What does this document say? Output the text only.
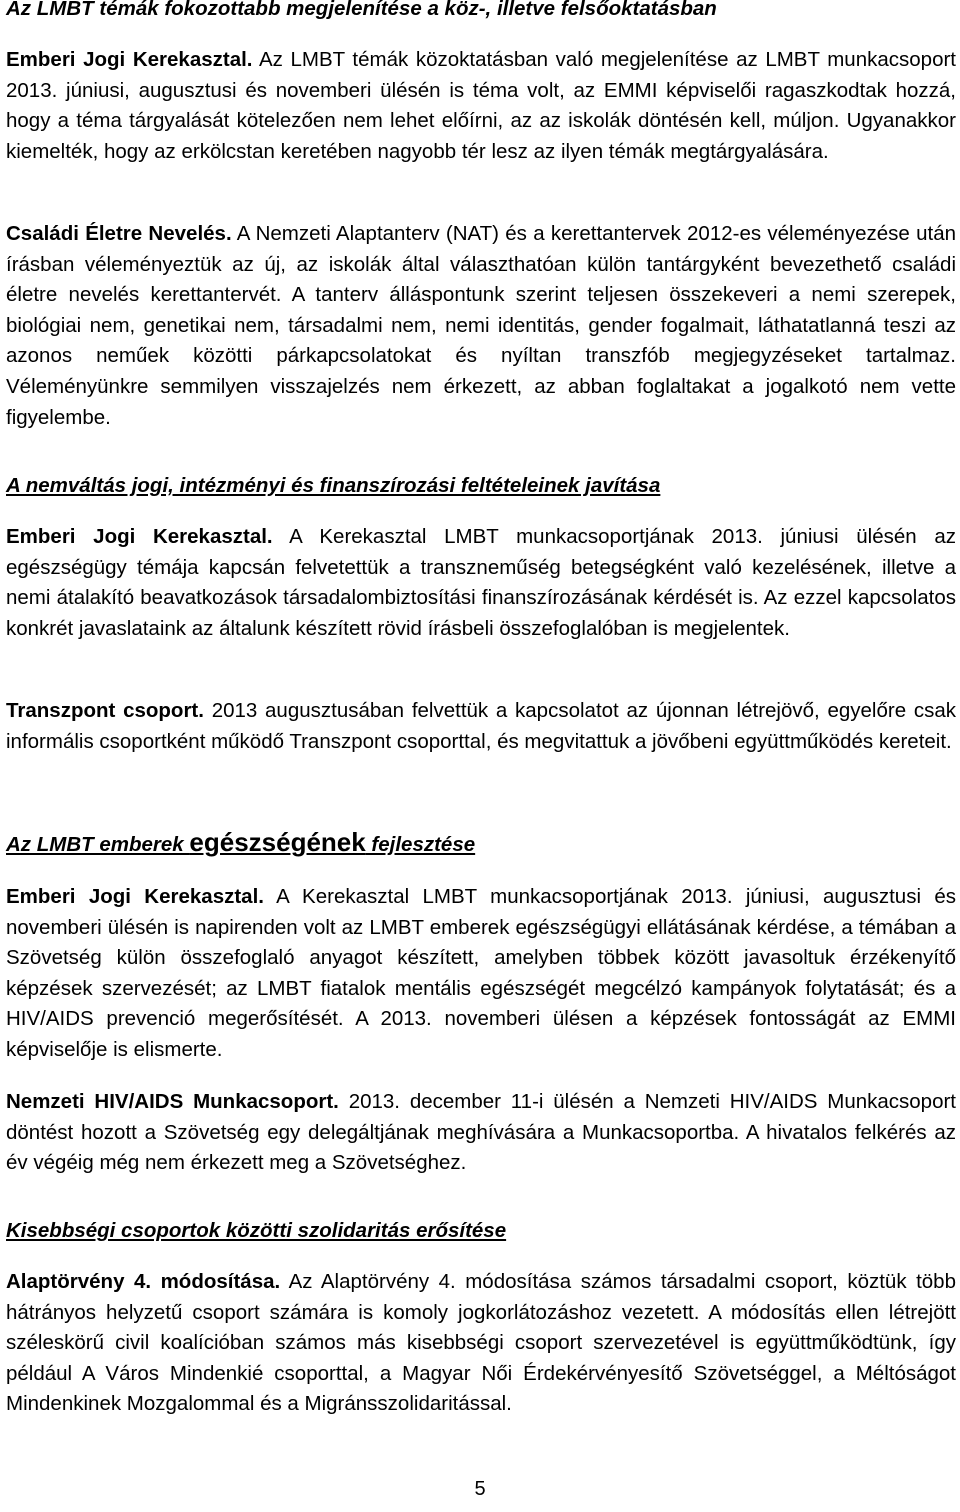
Az LMBT témák fokozottabb megjelenítése a köz-, illetve felsőoktatásban

Emberi Jogi Kerekasztal. Az LMBT témák közoktatásban való megjelenítése az LMBT munkacsoport 2013. júniusi, augusztusi és novemberi ülésén is téma volt, az EMMI képviselői ragaszkodtak hozzá, hogy a téma tárgyalását kötelezően nem lehet előírni, az az iskolák döntésén kell, múljon. Ugyanakkor kiemelték, hogy az erkölcstan keretében nagyobb tér lesz az ilyen témák megtárgyalására.

Családi Életre Nevelés. A Nemzeti Alaptanterv (NAT) és a kerettantervek 2012-es véleményezése után írásban véleményeztük az új, az iskolák által választhatóan külön tantárgyként bevezethető családi életre nevelés kerettantervét. A tanterv álláspontunk szerint teljesen összekeveri a nemi szerepek, biológiai nem, genetikai nem, társadalmi nem, nemi identitás, gender fogalmait, láthatatlanná teszi az azonos neműek közötti párkapcsolatokat és nyíltan transzfób megjegyzéseket tartalmaz. Véleményünkre semmilyen visszajelzés nem érkezett, az abban foglaltakat a jogalkotó nem vette figyelembe.

A nemváltás jogi, intézményi és finanszírozási feltételeinek javítása

Emberi Jogi Kerekasztal. A Kerekasztal LMBT munkacsoportjának 2013. júniusi ülésén az egészségügy témája kapcsán felvetettük a transzneműség betegségként való kezelésének, illetve a nemi átalakító beavatkozások társadalombiztosítási finanszírozásának kérdését is. Az ezzel kapcsolatos konkrét javaslataink az általunk készített rövid írásbeli összefoglalóban is megjelentek.

Transzpont csoport. 2013 augusztusában felvettük a kapcsolatot az újonnan létrejövő, egyelőre csak informális csoportként működő Transzpont csoporttal, és megvitattuk a jövőbeni együttműködés kereteit.

Az LMBT emberek egészségének fejlesztése

Emberi Jogi Kerekasztal. A Kerekasztal LMBT munkacsoportjának 2013. júniusi, augusztusi és novemberi ülésén is napirenden volt az LMBT emberek egészségügyi ellátásának kérdése, a témában a Szövetség külön összefoglaló anyagot készített, amelyben többek között javasoltuk érzékenyítő képzések szervezését; az LMBT fiatalok mentális egészségét megcélzó kampányok folytatását; és a HIV/AIDS prevenció megerősítését. A 2013. novemberi ülésen a képzések fontosságát az EMMI képviselője is elismerte.

Nemzeti HIV/AIDS Munkacsoport. 2013. december 11-i ülésén a Nemzeti HIV/AIDS Munkacsoport döntést hozott a Szövetség egy delegáltjának meghívására a Munkacsoportba. A hivatalos felkérés az év végéig még nem érkezett meg a Szövetséghez.

Kisebbségi csoportok közötti szolidaritás erősítése

Alaptörvény 4. módosítása. Az Alaptörvény 4. módosítása számos társadalmi csoport, köztük több hátrányos helyzetű csoport számára is komoly jogkorlátozáshoz vezetett. A módosítás ellen létrejött széleskörű civil koalícióban számos más kisebbségi csoport szervezetével is együttműködtünk, így például A Város Mindenkié csoporttal, a Magyar Női Érdekérvényesítő Szövetséggel, a Méltóságot Mindenkinek Mozgalommal és a Migránsszolidaritással.

5
